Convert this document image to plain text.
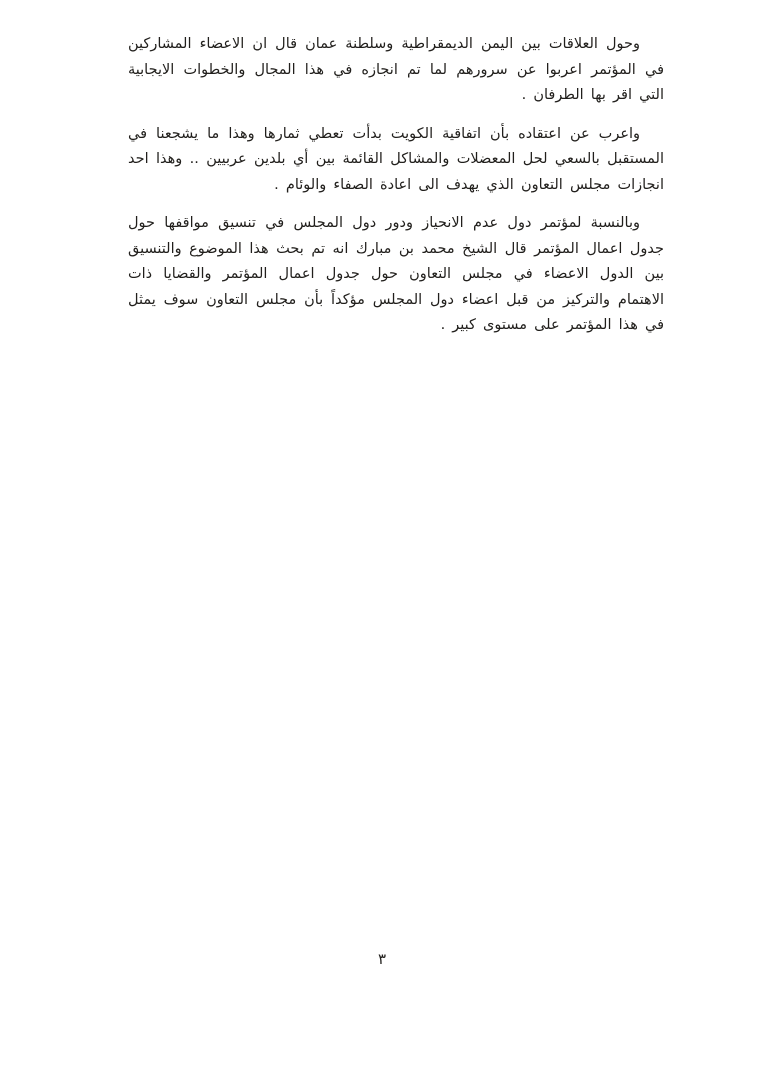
وحول العلاقات بين اليمن الديمقراطية وسلطنة عمان قال ان الاعضاء المشاركين في المؤتمر اعربوا عن سرورهم لما تم انجازه في هذا المجال والخطوات الايجابية التي اقر بها الطرفان .

واعرب عن اعتقاده بأن اتفاقية الكويت بدأت تعطي ثمارها وهذا ما يشجعنا في المستقبل بالسعي لحل المعضلات والمشاكل القائمة بين أي بلدين عربيين .. وهذا احد انجازات مجلس التعاون الذي يهدف الى اعادة الصفاء والوئام .

وبالنسبة لمؤتمر دول عدم الانحياز ودور دول المجلس في تنسيق مواقفها حول جدول اعمال المؤتمر قال الشيخ محمد بن مبارك انه تم بحث هذا الموضوع والتنسيق بين الدول الاعضاء في مجلس التعاون حول جدول اعمال المؤتمر والقضايا ذات الاهتمام والتركيز من قبل اعضاء دول المجلس مؤكداً بأن مجلس التعاون سوف يمثل في هذا المؤتمر على مستوى كبير .

٣
